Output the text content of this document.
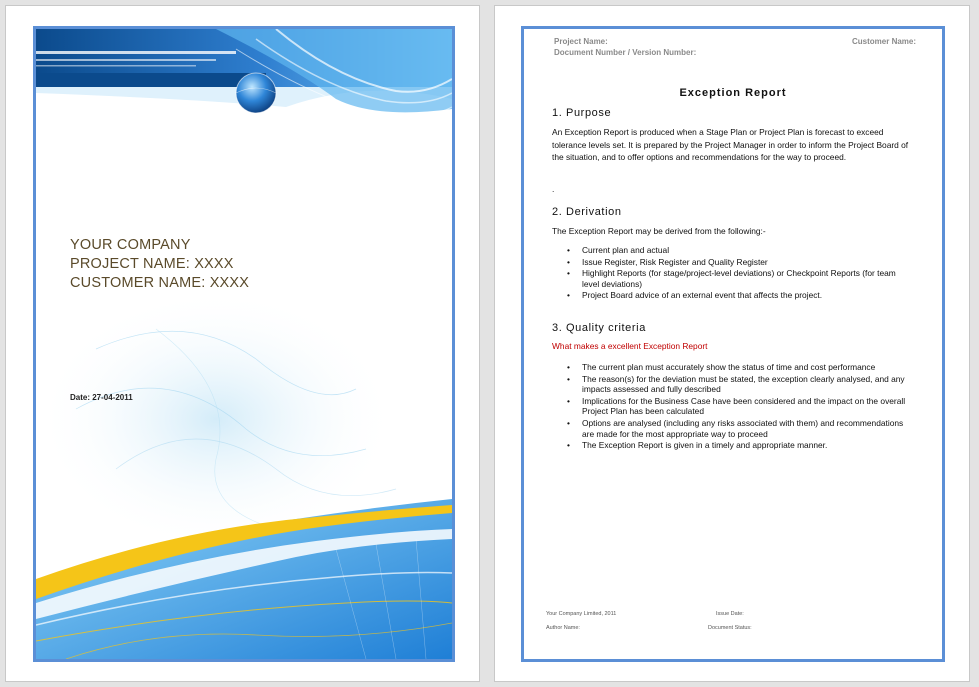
YOUR COMPANY
PROJECT NAME: XXXX
CUSTOMER NAME: XXXX
Date: 27-04-2011
Project Name:
Document Number / Version Number:
Customer Name:
Exception Report
1. Purpose
An Exception Report is produced when a Stage Plan or Project Plan is forecast to exceed tolerance levels set. It is prepared by the Project Manager in order to inform the Project Board of the situation, and to offer options and recommendations for the way to proceed.
.
2. Derivation
The Exception Report may be derived from the following:-
• Current plan and actual
• Issue Register, Risk Register and Quality Register
• Highlight Reports (for stage/project-level deviations) or Checkpoint Reports (for team level deviations)
• Project Board advice of an external event that affects the project.
3. Quality criteria
What makes a excellent Exception Report
• The current plan must accurately show the status of time and cost performance
• The reason(s) for the deviation must be stated, the exception clearly analysed, and any impacts assessed and fully described
• Implications for the Business Case have been considered and the impact on the overall Project Plan has been calculated
• Options are analysed (including any risks associated with them) and recommendations are made for the most appropriate way to proceed
• The Exception Report is given in a timely and appropriate manner.
Your Company Limited, 2011
Author Name:
Issue Date:
Document Status:
